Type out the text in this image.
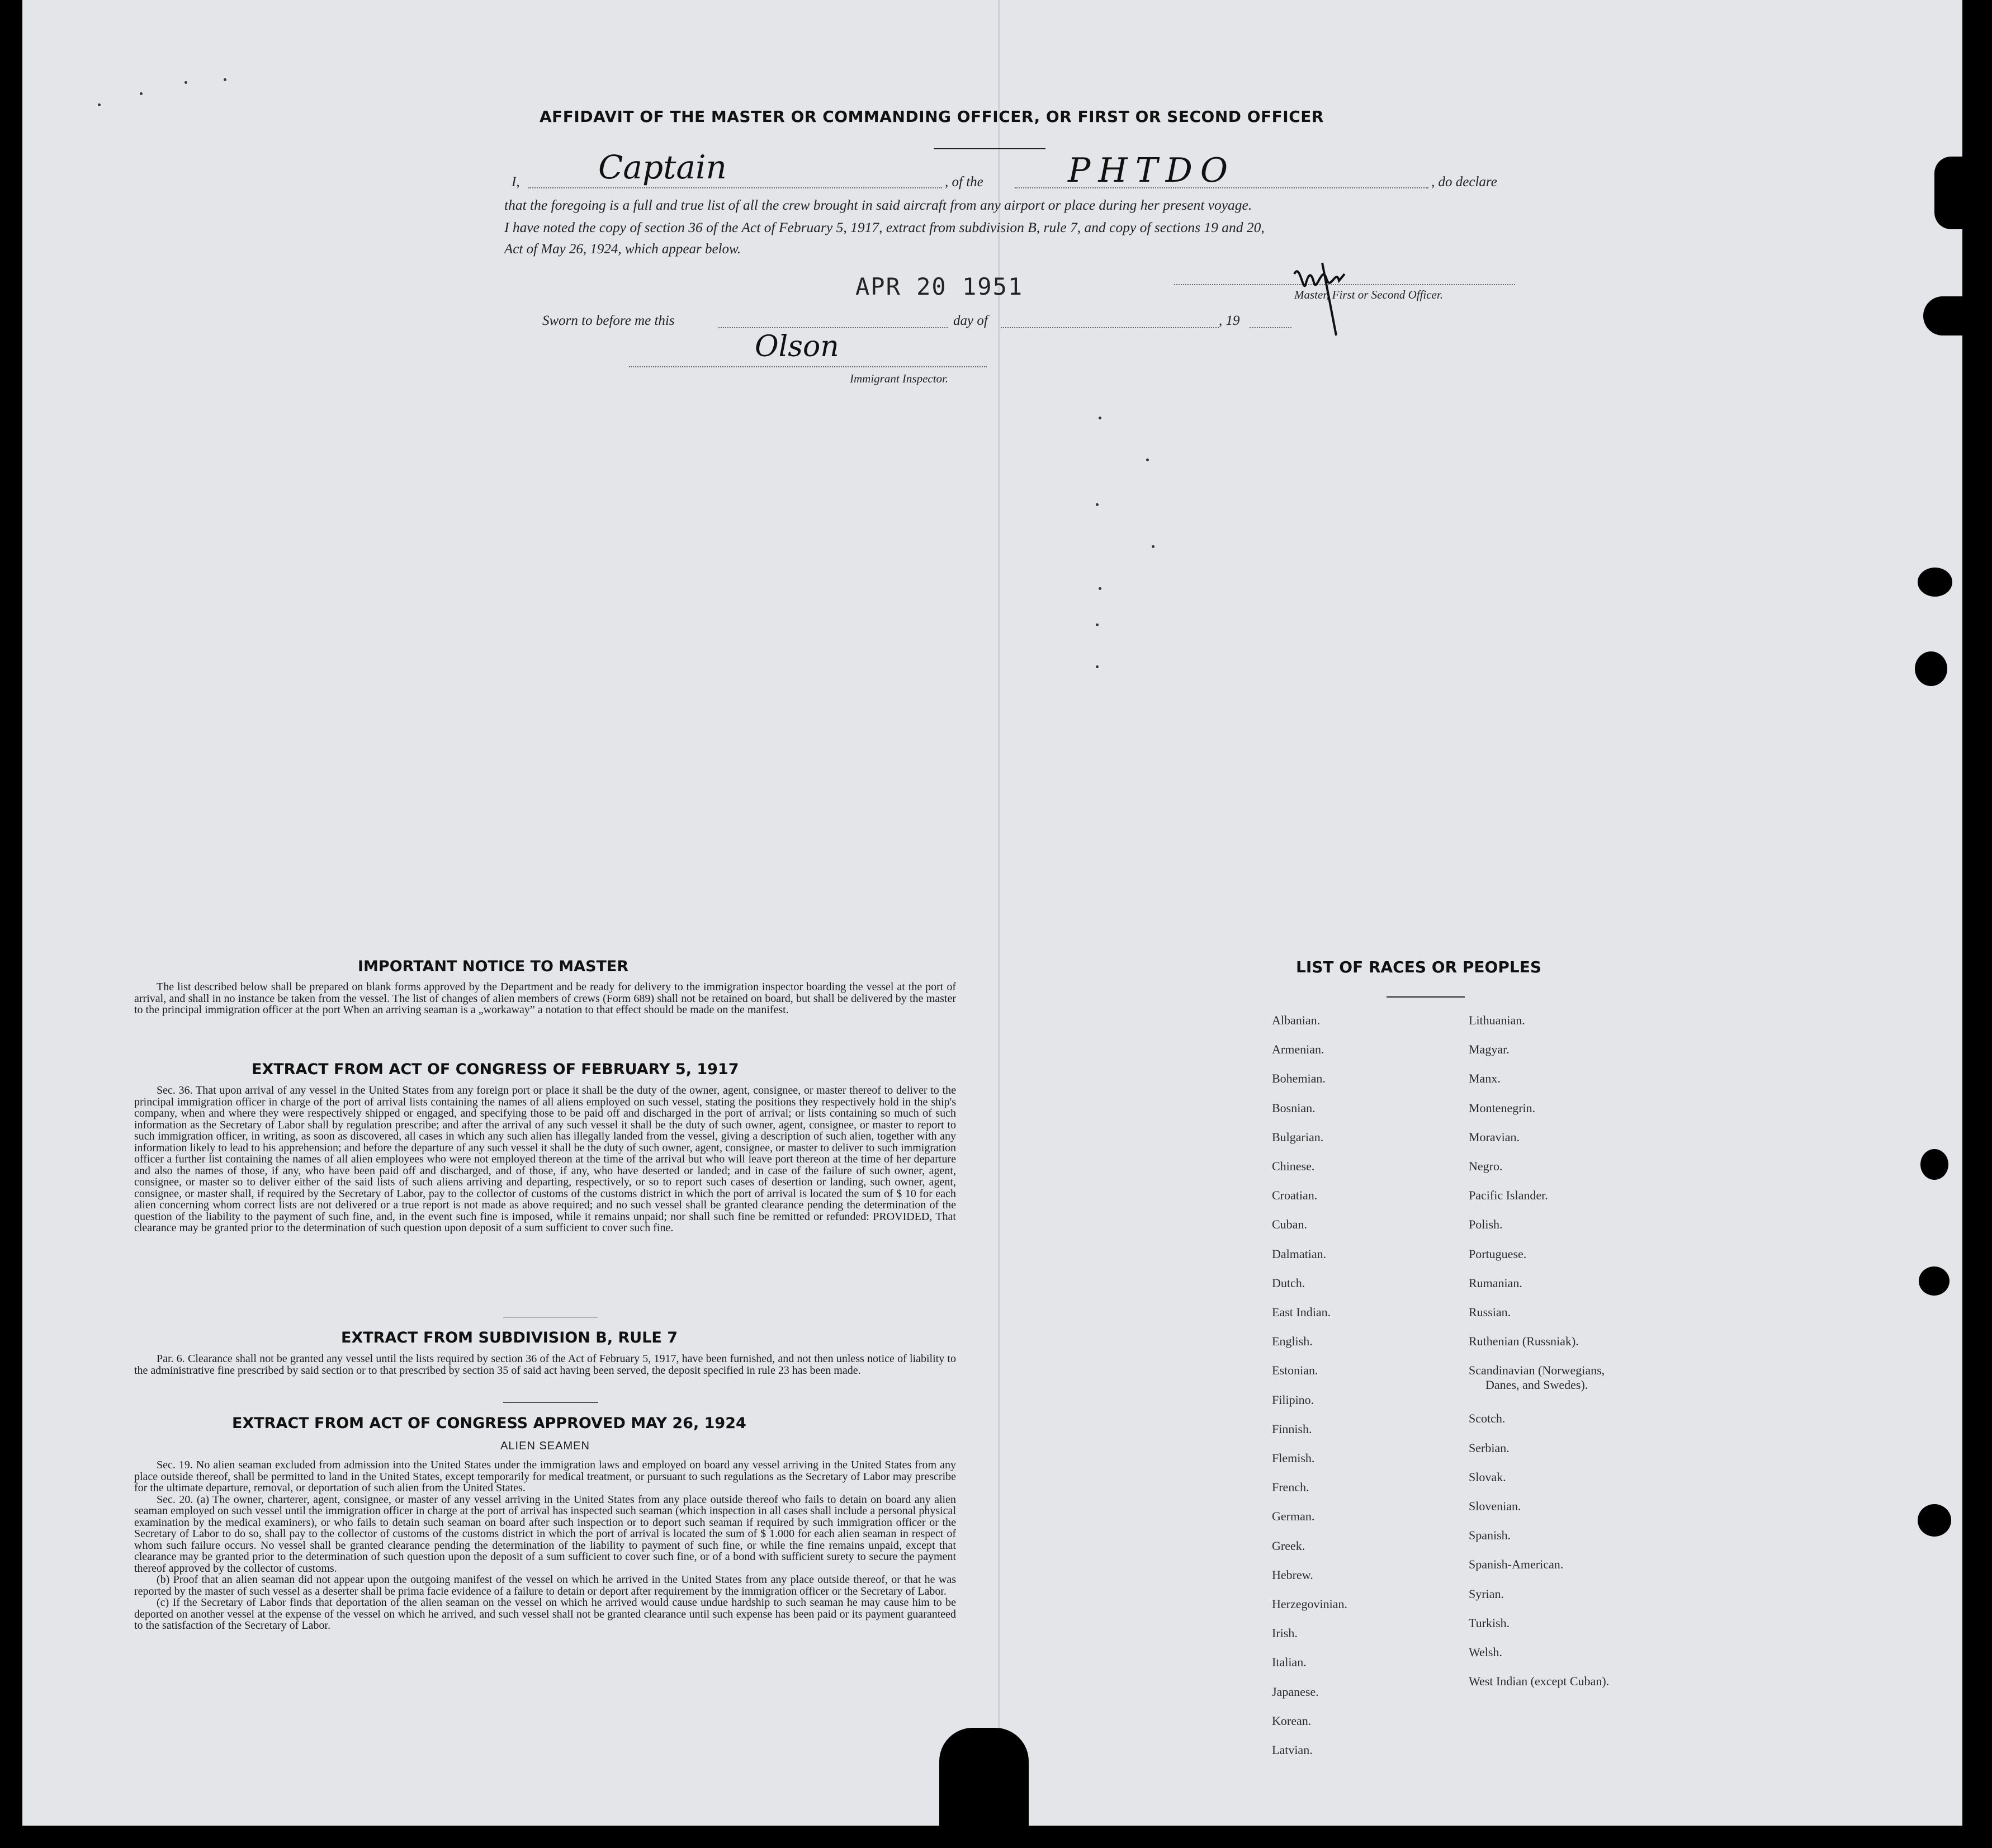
AFFIDAVIT OF THE MASTER OR COMMANDING OFFICER, OR FIRST OR SECOND OFFICER
I, Captain	, of the	PHTDO	, do declare
that the foregoing is a full and true list of all the crew brought in said aircraft from any airport or place during her present voyage.
I have noted the copy of section 36 of the Act of February 5, 1917, extract from subdivision B, rule 7, and copy of sections 19 and 20,
Act of May 26, 1924, which appear below.
APR 20 1951	Master, First or Second Officer.
Sworn to before me this	day of	, 19
Olson
Immigrant Inspector.
IMPORTANT NOTICE TO MASTER

The list described below shall be prepared on blank forms approved by the Department and be ready for delivery to the immigration inspector boarding the vessel at the port of arrival, and shall in no instance be taken from the vessel. The list of changes of alien members of crews (Form 689) shall not be retained on board, but shall be delivered by the master to the principal immigration officer at the port When an arriving seaman is a „workaway” a notation to that effect should be made on the manifest.

EXTRACT FROM ACT OF CONGRESS OF FEBRUARY 5, 1917

Sec. 36. That upon arrival of any vessel in the United States from any foreign port or place it shall be the duty of the owner, agent, consignee, or master thereof to deliver to the principal immigration officer in charge of the port of arrival lists containing the names of all aliens employed on such vessel, stating the positions they respectively hold in the ship's company, when and where they were respectively shipped or engaged, and specifying those to be paid off and discharged in the port of arrival; or lists containing so much of such information as the Secretary of Labor shall by regulation prescribe; and after the arrival of any such vessel it shall be the duty of such owner, agent, consignee, or master to report to such immigration officer, in writing, as soon as discovered, all cases in which any such alien has illegally landed from the vessel, giving a description of such alien, together with any information likely to lead to his apprehension; and before the departure of any such vessel it shall be the duty of such owner, agent, consignee, or master to deliver to such immigration officer a further list containing the names of all alien employees who were not employed thereon at the time of the arrival but who will leave port thereon at the time of her departure and also the names of those, if any, who have been paid off and discharged, and of those, if any, who have deserted or landed; and in case of the failure of such owner, agent, consignee, or master so to deliver either of the said lists of such aliens arriving and departing, respectively, or so to report such cases of desertion or landing, such owner, agent, consignee, or master shall, if required by the Secretary of Labor, pay to the collector of customs of the customs district in which the port of arrival is located the sum of $ 10 for each alien concerning whom correct lists are not delivered or a true report is not made as above required; and no such vessel shall be granted clearance pending the determination of the question of the liability to the payment of such fine, and, in the event such fine is imposed, while it remains unpaid; nor shall such fine be remitted or refunded: PROVIDED, That clearance may be granted prior to the determination of such question upon deposit of a sum sufficient to cover such fine.

EXTRACT FROM SUBDIVISION B, RULE 7

Par. 6. Clearance shall not be granted any vessel until the lists required by section 36 of the Act of February 5, 1917, have been furnished, and not then unless notice of liability to the administrative fine prescribed by said section or to that prescribed by section 35 of said act having been served, the deposit specified in rule 23 has been made.

EXTRACT FROM ACT OF CONGRESS APPROVED MAY 26, 1924
ALIEN SEAMEN

Sec. 19. No alien seaman excluded from admission into the United States under the immigration laws and employed on board any vessel arriving in the United States from any place outside thereof, shall be permitted to land in the United States, except temporarily for medical treatment, or pursuant to such regulations as the Secretary of Labor may prescribe for the ultimate departure, removal, or deportation of such alien from the United States.

Sec. 20. (a) The owner, charterer, agent, consignee, or master of any vessel arriving in the United States from any place outside thereof who fails to detain on board any alien seaman employed on such vessel until the immigration officer in charge at the port of arrival has inspected such seaman (which inspection in all cases shall include a personal physical examination by the medical examiners), or who fails to detain such seaman on board after such inspection or to deport such seaman if required by such immigration officer or the Secretary of Labor to do so, shall pay to the collector of customs of the customs district in which the port of arrival is located the sum of $ 1.000 for each alien seaman in respect of whom such failure occurs. No vessel shall be granted clearance pending the determination of the liability to payment of such fine, or while the fine remains unpaid, except that clearance may be granted prior to the determination of such question upon the deposit of a sum sufficient to cover such fine, or of a bond with sufficient surety to secure the payment thereof approved by the collector of customs.

(b) Proof that an alien seaman did not appear upon the outgoing manifest of the vessel on which he arrived in the United States from any place outside thereof, or that he was reported by the master of such vessel as a deserter shall be prima facie evidence of a failure to detain or deport after requirement by the immigration officer or the Secretary of Labor.

(c) If the Secretary of Labor finds that deportation of the alien seaman on the vessel on which he arrived would cause undue hardship to such seaman he may cause him to be deported on another vessel at the expense of the vessel on which he arrived, and such vessel shall not be granted clearance until such expense has been paid or its payment guaranteed to the satisfaction of the Secretary of Labor.

LIST OF RACES OR PEOPLES
Albanian.
Armenian.
Bohemian.
Bosnian.
Bulgarian.
Chinese.
Croatian.
Cuban.
Dalmatian.
Dutch.
East Indian.
English.
Estonian.
Filipino.
Finnish.
Flemish.
French.
German.
Greek.
Hebrew.
Herzegovinian.
Irish.
Italian.
Japanese.
Korean.
Latvian.
Lithuanian.
Magyar.
Manx.
Montenegrin.
Moravian.
Negro.
Pacific Islander.
Polish.
Portuguese.
Rumanian.
Russian.
Ruthenian (Russniak).
Scandinavian (Norwegians,
Danes, and Swedes).
Scotch.
Serbian.
Slovak.
Slovenian.
Spanish.
Spanish-American.
Syrian.
Turkish.
Welsh.
West Indian (except Cuban).
